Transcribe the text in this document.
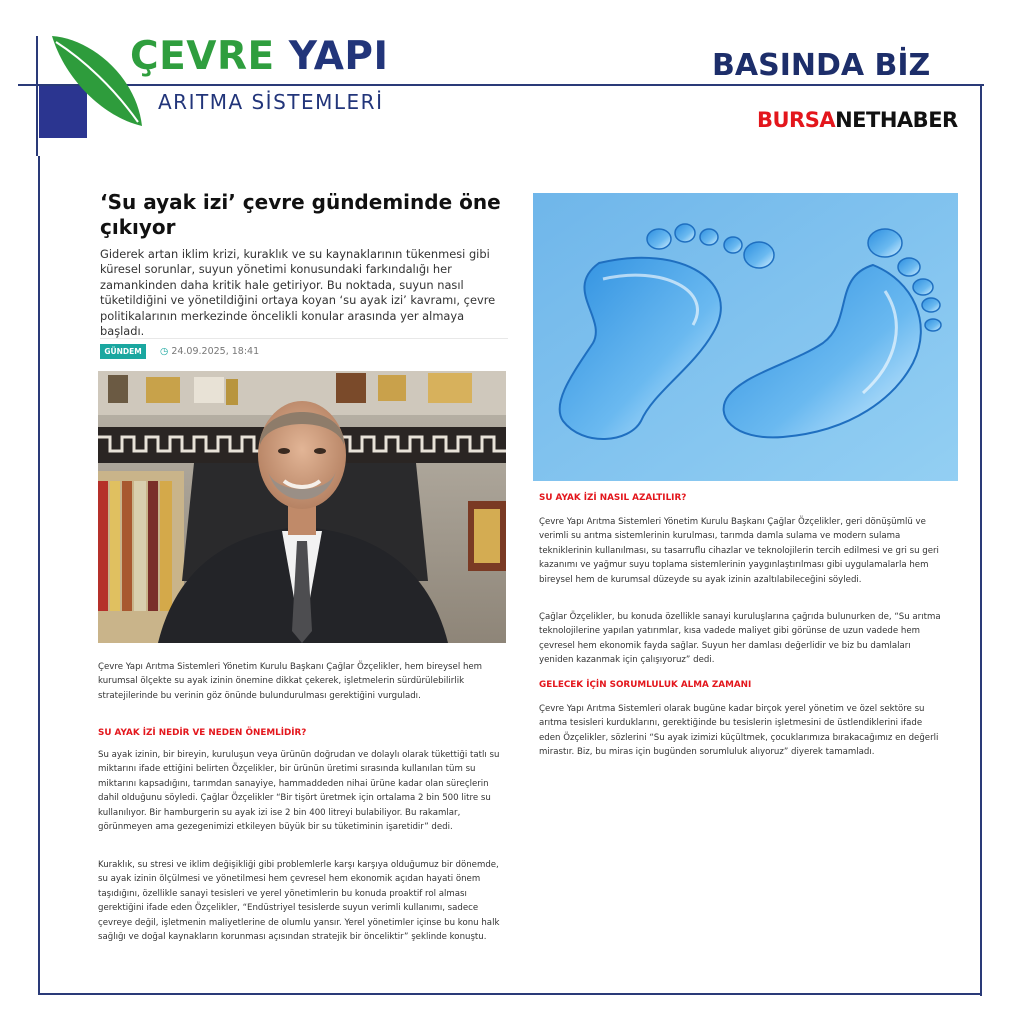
ÇEVRE YAPI
ARITMA SİSTEMLERİ
BASINDA BİZ
BURSANETHABER
‘Su ayak izi’ çevre gündeminde öne çıkıyor
Giderek artan iklim krizi, kuraklık ve su kaynaklarının tükenmesi gibi küresel sorunlar, suyun yönetimi konusundaki farkındalığı her zamankinden daha kritik hale getiriyor. Bu noktada, suyun nasıl tüketildiğini ve yönetildiğini ortaya koyan ‘su ayak izi’ kavramı, çevre politikalarının merkezinde öncelikli konular arasında yer almaya başladı.
GÜNDEM	◷ 24.09.2025, 18:41
Çevre Yapı Arıtma Sistemleri Yönetim Kurulu Başkanı Çağlar Özçelikler, hem bireysel hem kurumsal ölçekte su ayak izinin önemine dikkat çekerek, işletmelerin sürdürülebilirlik stratejilerinde bu verinin göz önünde bulundurulması gerektiğini vurguladı.
SU AYAK İZİ NEDİR VE NEDEN ÖNEMLİDİR?
Su ayak izinin, bir bireyin, kuruluşun veya ürünün doğrudan ve dolaylı olarak tükettiği tatlı su miktarını ifade ettiğini belirten Özçelikler, bir ürünün üretimi sırasında kullanılan tüm su miktarını kapsadığını, tarımdan sanayiye, hammaddeden nihai ürüne kadar olan süreçlerin dahil olduğunu söyledi. Çağlar Özçelikler “Bir tişört üretmek için ortalama 2 bin 500 litre su kullanılıyor. Bir hamburgerin su ayak izi ise 2 bin 400 litreyi bulabiliyor. Bu rakamlar, görünmeyen ama gezegenimizi etkileyen büyük bir su tüketiminin işaretidir” dedi.
Kuraklık, su stresi ve iklim değişikliği gibi problemlerle karşı karşıya olduğumuz bir dönemde, su ayak izinin ölçülmesi ve yönetilmesi hem çevresel hem ekonomik açıdan hayati önem taşıdığını, özellikle sanayi tesisleri ve yerel yönetimlerin bu konuda proaktif rol alması gerektiğini ifade eden Özçelikler, “Endüstriyel tesislerde suyun verimli kullanımı, sadece çevreye değil, işletmenin maliyetlerine de olumlu yansır. Yerel yönetimler içinse bu konu halk sağlığı ve doğal kaynakların korunması açısından stratejik bir önceliktir” şeklinde konuştu.
SU AYAK İZİ NASIL AZALTILIR?
Çevre Yapı Arıtma Sistemleri Yönetim Kurulu Başkanı Çağlar Özçelikler, geri dönüşümlü ve verimli su arıtma sistemlerinin kurulması, tarımda damla sulama ve modern sulama tekniklerinin kullanılması, su tasarruflu cihazlar ve teknolojilerin tercih edilmesi ve gri su geri kazanımı ve yağmur suyu toplama sistemlerinin yaygınlaştırılması gibi uygulamalarla hem bireysel hem de kurumsal düzeyde su ayak izinin azaltılabileceğini söyledi.
Çağlar Özçelikler, bu konuda özellikle sanayi kuruluşlarına çağrıda bulunurken de, “Su arıtma teknolojilerine yapılan yatırımlar, kısa vadede maliyet gibi görünse de uzun vadede hem çevresel hem ekonomik fayda sağlar. Suyun her damlası değerlidir ve biz bu damlaları yeniden kazanmak için çalışıyoruz” dedi.
GELECEK İÇİN SORUMLULUK ALMA ZAMANI
Çevre Yapı Arıtma Sistemleri olarak bugüne kadar birçok yerel yönetim ve özel sektöre su arıtma tesisleri kurduklarını, gerektiğinde bu tesislerin işletmesini de üstlendiklerini ifade eden Özçelikler, sözlerini “Su ayak izimizi küçültmek, çocuklarımıza bırakacağımız en değerli mirastır. Biz, bu miras için bugünden sorumluluk alıyoruz” diyerek tamamladı.
